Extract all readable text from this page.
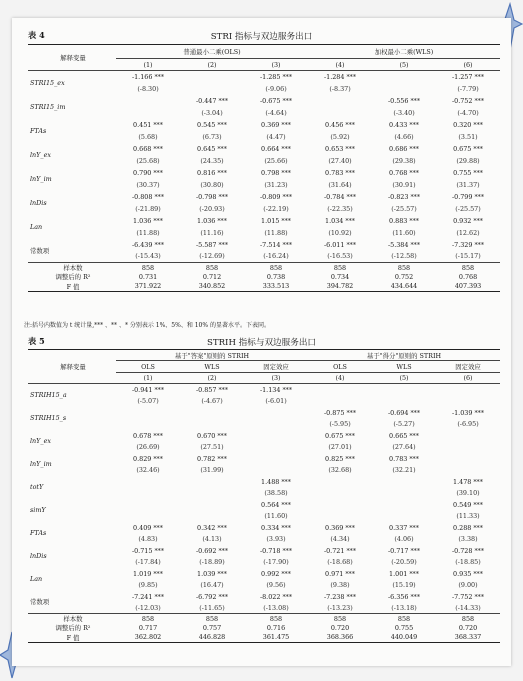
表 4	STRI 指标与双边服务出口
解释变量	普通最小二乘(OLS)			加权最小二乘(WLS)		
	(1)	(2)	(3)	(4)	(5)	(6)
STRI15_ex	-1.166 ***		-1.285 ***	-1.284 ***		-1.257 ***
	(-8.30)		(-9.06)	(-8.37)		(-7.79)
STRI15_im		-0.447 ***	-0.675 ***		-0.556 ***	-0.752 ***
		(-3.04)	(-4.64)		(-3.40)	(-4.70)
FTAs	0.451 ***	0.545 ***	0.369 ***	0.456 ***	0.433 ***	0.320 ***
	(5.68)	(6.73)	(4.47)	(5.92)	(4.66)	(3.51)
lnY_ex	0.668 ***	0.645 ***	0.664 ***	0.653 ***	0.686 ***	0.675 ***
	(25.68)	(24.35)	(25.66)	(27.40)	(29.38)	(29.88)
lnY_im	0.790 ***	0.816 ***	0.798 ***	0.783 ***	0.768 ***	0.755 ***
	(30.37)	(30.80)	(31.23)	(31.64)	(30.91)	(31.37)
lnDis	-0.808 ***	-0.798 ***	-0.809 ***	-0.784 ***	-0.823 ***	-0.799 ***
	(-21.89)	(-20.93)	(-22.19)	(-22.35)	(-25.57)	(-25.57)
Lan	1.036 ***	1.036 ***	1.015 ***	1.034 ***	0.883 ***	0.932 ***
	(11.88)	(11.16)	(11.88)	(10.92)	(11.60)	(12.62)
常数项	-6.439 ***	-5.587 ***	-7.514 ***	-6.011 ***	-5.384 ***	-7.329 ***
	(-15.43)	(-12.69)	(-16.24)	(-16.53)	(-12.58)	(-15.17)
样本数	858	858	858	858	858	858
调整后的 R²	0.731	0.712	0.738	0.734	0.752	0.768
F 值	371.922	340.852	333.513	394.782	434.644	407.393
注:括号内数值为 t 统计量,*** 、** 、* 分别表示 1%、5%、和 10% 的显著水平。下表同。
表 5	STRIH 指标与双边服务出口
解释变量	基于"答案"原则的 STRIH			基于"得分"原则的 STRIH		
	OLS	WLS	固定效应	OLS	WLS	固定效应
	(1)	(2)	(3)	(4)	(5)	(6)
STRIH15_a	-0.941 ***	-0.857 ***	-1.134 ***			
	(-5.07)	(-4.67)	(-6.01)			
STRIH15_s				-0.875 ***	-0.694 ***	-1.039 ***
				(-5.95)	(-5.27)	(-6.95)
lnY_ex	0.678 ***	0.670 ***		0.675 ***	0.665 ***	
	(26.69)	(27.51)		(27.01)	(27.64)	
lnY_im	0.829 ***	0.782 ***		0.825 ***	0.783 ***	
	(32.46)	(31.99)		(32.68)	(32.21)	
totY			1.488 ***			1.478 ***
			(38.58)			(39.10)
simY			0.564 ***			0.549 ***
			(11.60)			(11.33)
FTAs	0.409 ***	0.342 ***	0.334 ***	0.369 ***	0.337 ***	0.288 ***
	(4.83)	(4.13)	(3.93)	(4.34)	(4.06)	(3.38)
lnDis	-0.715 ***	-0.692 ***	-0.718 ***	-0.721 ***	-0.717 ***	-0.728 ***
	(-17.84)	(-18.89)	(-17.90)	(-18.68)	(-20.59)	(-18.85)
Lan	1.019 ***	1.039 ***	0.992 ***	0.971 ***	1.001 ***	0.935 ***
	(9.85)	(16.47)	(9.56)	(9.38)	(15.19)	(9.00)
常数项	-7.241 ***	-6.792 ***	-8.022 ***	-7.238 ***	-6.356 ***	-7.752 ***
	(-12.03)	(-11.65)	(-13.08)	(-13.23)	(-13.18)	(-14.33)
样本数	858	858	858	858	858	858
调整后的 R²	0.717	0.757	0.716	0.720	0.755	0.720
F 值	362.802	446.828	361.475	368.366	440.049	368.337
